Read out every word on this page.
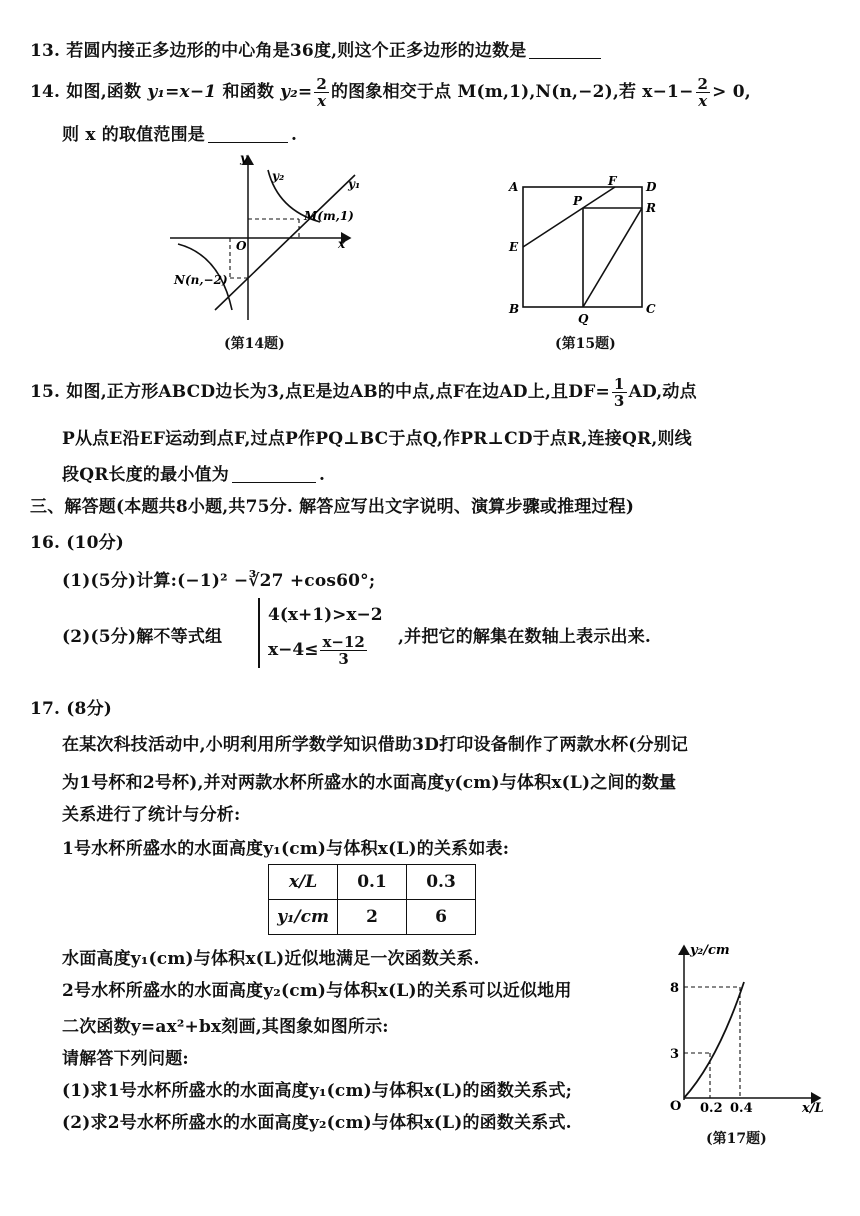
13. 若圆内接正多边形的中心角是36度,则这个正多边形的边数是
14. 如图,函数 y₁=x−1 和函数 $y_2= \frac{2}{x}$ 的图象相交于点 M(m,1),N(n,−2),若 $x-1- \frac{2}{x} > 0$,
则 x 的取值范围是	.
y
x
O
y₁
y₂
M(m,1)
N(n,−2)
(第14题)
A
B	C
D
E
F
P
Q
R
(第15题)
15. 如图,正方形ABCD边长为3,点E是边AB的中点,点F在边AD上,且$DF= \frac{1}{3}$ AD,动点
P从点E沿EF运动到点F,过点P作PQ⊥BC于点Q,作PR⊥CD于点R,连接QR,则线
段QR长度的最小值为	.
三、解答题(本题共8小题,共75分. 解答应写出文字说明、演算步骤或推理过程)
16. (10分)
(1)(5分)计算:(−1)² −∛27 +cos60°;
(2)(5分)解不等式组
4(x+1)>x−2
$x-4\le \frac{x-12}{3}$ ,并把它的解集在数轴上表示出来.
17. (8分)
在某次科技活动中,小明利用所学数学知识借助3D打印设备制作了两款水杯(分别记
为1号杯和2号杯),并对两款水杯所盛水的水面高度y(cm)与体积x(L)之间的数量
关系进行了统计与分析:
1号水杯所盛水的水面高度y₁(cm)与体积x(L)的关系如表:
x/L	0.1	0.3
y₁/cm	2	6
水面高度y₁(cm)与体积x(L)近似地满足一次函数关系.
2号水杯所盛水的水面高度y₂(cm)与体积x(L)的关系可以近似地用
二次函数y=ax²+bx刻画,其图象如图所示:
请解答下列问题:
(1)求1号水杯所盛水的水面高度y₁(cm)与体积x(L)的函数关系式;
(2)求2号水杯所盛水的水面高度y₂(cm)与体积x(L)的函数关系式.
y₂/cm
x/L
O
8
3
0.2 0.4
(第17题)
